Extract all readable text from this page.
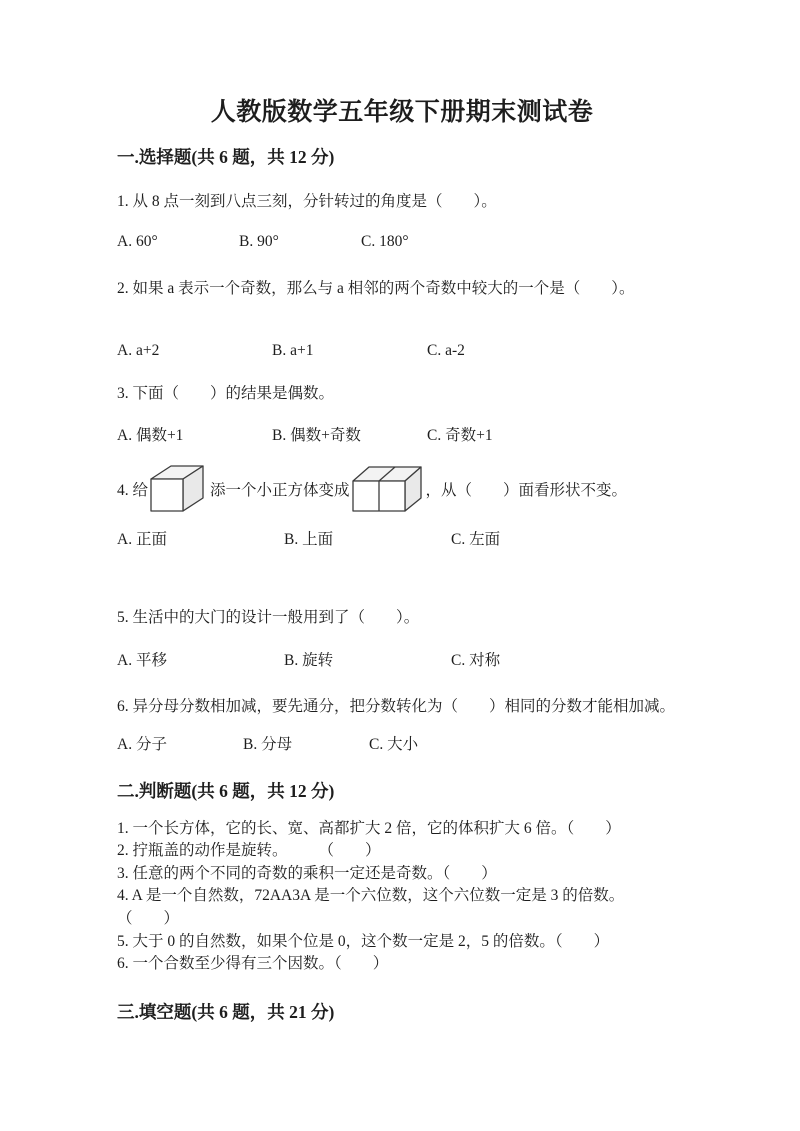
人教版数学五年级下册期末测试卷
一.选择题(共 6 题，共 12 分)

1. 从 8 点一刻到八点三刻，分针转过的角度是（　　）。

A. 60°	B. 90°	C. 180°

2. 如果 a 表示一个奇数，那么与 a 相邻的两个奇数中较大的一个是（　　）。

A. a+2	B. a+1	C. a-2

3. 下面（　　）的结果是偶数。

A. 偶数+1	B. 偶数+奇数	C. 奇数+1
4. 给	添一个小正方体变成	，从（　　）面看形状不变。
A. 正面	B. 上面	C. 左面

5. 生活中的大门的设计一般用到了（　　）。

A. 平移	B. 旋转	C. 对称

6. 异分母分数相加减，要先通分，把分数转化为（　　）相同的分数才能相加减。

A. 分子	B. 分母	C. 大小
二.判断题(共 6 题，共 12 分)

1. 一个长方体，它的长、宽、高都扩大 2 倍，它的体积扩大 6 倍。（　　）

2. 拧瓶盖的动作是旋转。　　　（　　）

3. 任意的两个不同的奇数的乘积一定还是奇数。（　　）

4. A 是一个自然数，72AA3A 是一个六位数，这个六位数一定是 3 的倍数。

（　　）

5. 大于 0 的自然数，如果个位是 0，这个数一定是 2，5 的倍数。（　　）

6. 一个合数至少得有三个因数。（　　）

三.填空题(共 6 题，共 21 分)
